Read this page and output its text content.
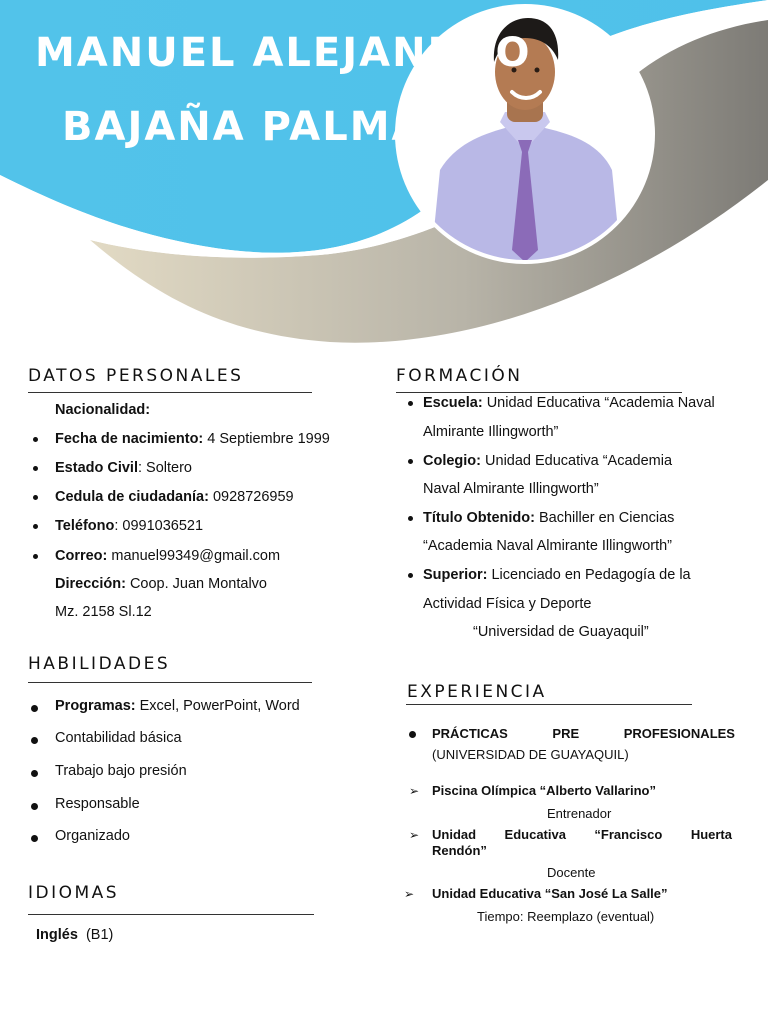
MANUEL ALEJANDRO
BAJAÑA PALMA
DATOS PERSONALES
Nacionalidad:
Fecha de nacimiento: 4 Septiembre 1999
Estado Civil: Soltero
Cedula de ciudadanía: 0928726959
Teléfono: 0991036521
Correo: manuel99349@gmail.com
Dirección: Coop. Juan Montalvo
Mz. 2158 Sl.12
HABILIDADES
Programas: Excel, PowerPoint, Word
Contabilidad básica
Trabajo bajo presión
Responsable
Organizado
IDIOMAS
Inglés (B1)
FORMACIÓN
Escuela: Unidad Educativa “Academia Naval
Almirante Illingworth”
Colegio: Unidad Educativa “Academia
Naval Almirante Illingworth”
Título Obtenido: Bachiller en Ciencias
“Academia Naval Almirante Illingworth”
Superior: Licenciado en Pedagogía de la
Actividad Física y Deporte
“Universidad de Guayaquil”
EXPERIENCIA
PRÁCTICAS	PRE	PROFESIONALES
(UNIVERSIDAD DE GUAYAQUIL)
➢ Piscina Olímpica “Alberto Vallarino”
Entrenador
➢ Unidad Educativa “Francisco Huerta
Rendón”
Docente
➢ Unidad Educativa “San José La Salle”
Tiempo: Reemplazo (eventual)
